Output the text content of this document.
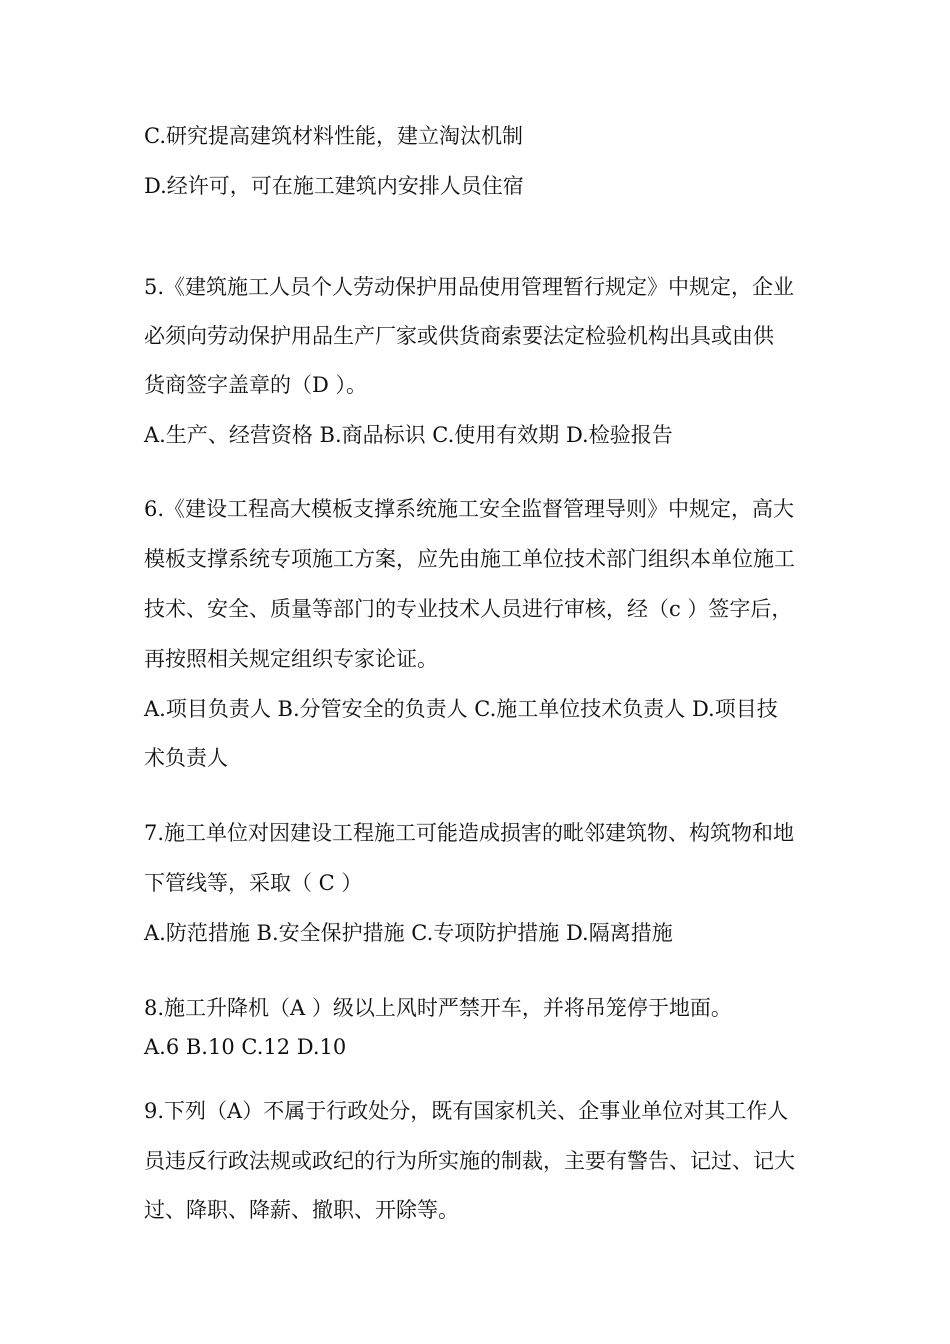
C.研究提高建筑材料性能，建立淘汰机制
D.经许可，可在施工建筑内安排人员住宿
5.《建筑施工人员个人劳动保护用品使用管理暂行规定》中规定，企业
必须向劳动保护用品生产厂家或供货商索要法定检验机构出具或由供
货商签字盖章的（D ）。
A.生产、经营资格 B.商品标识 C.使用有效期 D.检验报告
6.《建设工程高大模板支撑系统施工安全监督管理导则》中规定，高大
模板支撑系统专项施工方案，应先由施工单位技术部门组织本单位施工
技术、安全、质量等部门的专业技术人员进行审核，经（c ）签字后，
再按照相关规定组织专家论证。
A.项目负责人 B.分管安全的负责人 C.施工单位技术负责人 D.项目技
术负责人
7.施工单位对因建设工程施工可能造成损害的毗邻建筑物、构筑物和地
下管线等，采取（ C ）
A.防范措施 B.安全保护措施 C.专项防护措施 D.隔离措施
8.施工升降机（A ）级以上风时严禁开车，并将吊笼停于地面。
A.6 B.10 C.12 D.10
9.下列（A）不属于行政处分，既有国家机关、企事业单位对其工作人
员违反行政法规或政纪的行为所实施的制裁，主要有警告、记过、记大
过、降职、降薪、撤职、开除等。
